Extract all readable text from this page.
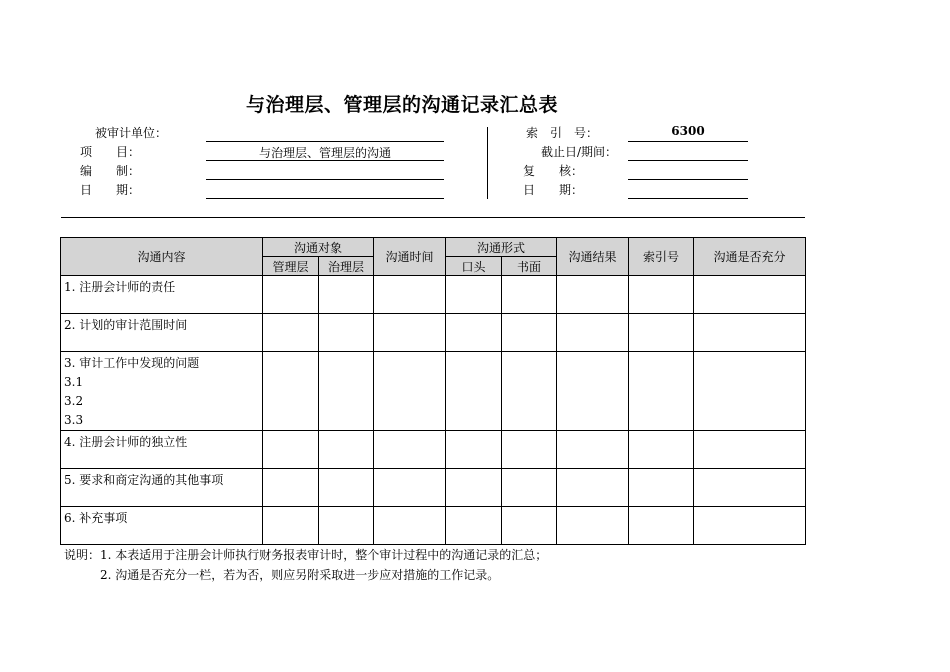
与治理层、管理层的沟通记录汇总表
被审计单位：
项　　目：	与治理层、管理层的沟通
编　　制：
日　　期：
索　引　号：	6300
截止日/期间：
复　　核：
日　　期：
沟通内容	沟通对象		沟通时间	沟通形式		沟通结果	索引号	沟通是否充分
	管理层	治理层		口头	书面			

1. 注册会计师的责任								

2. 计划的审计范围时间								

3. 审计工作中发现的问题
3.1
3.2
3.3								

4. 注册会计师的独立性								

5. 要求和商定沟通的其他事项								

6. 补充事项								

说明：1. 本表适用于注册会计师执行财务报表审计时，整个审计过程中的沟通记录的汇总；
2. 沟通是否充分一栏，若为否，则应另附采取进一步应对措施的工作记录。
